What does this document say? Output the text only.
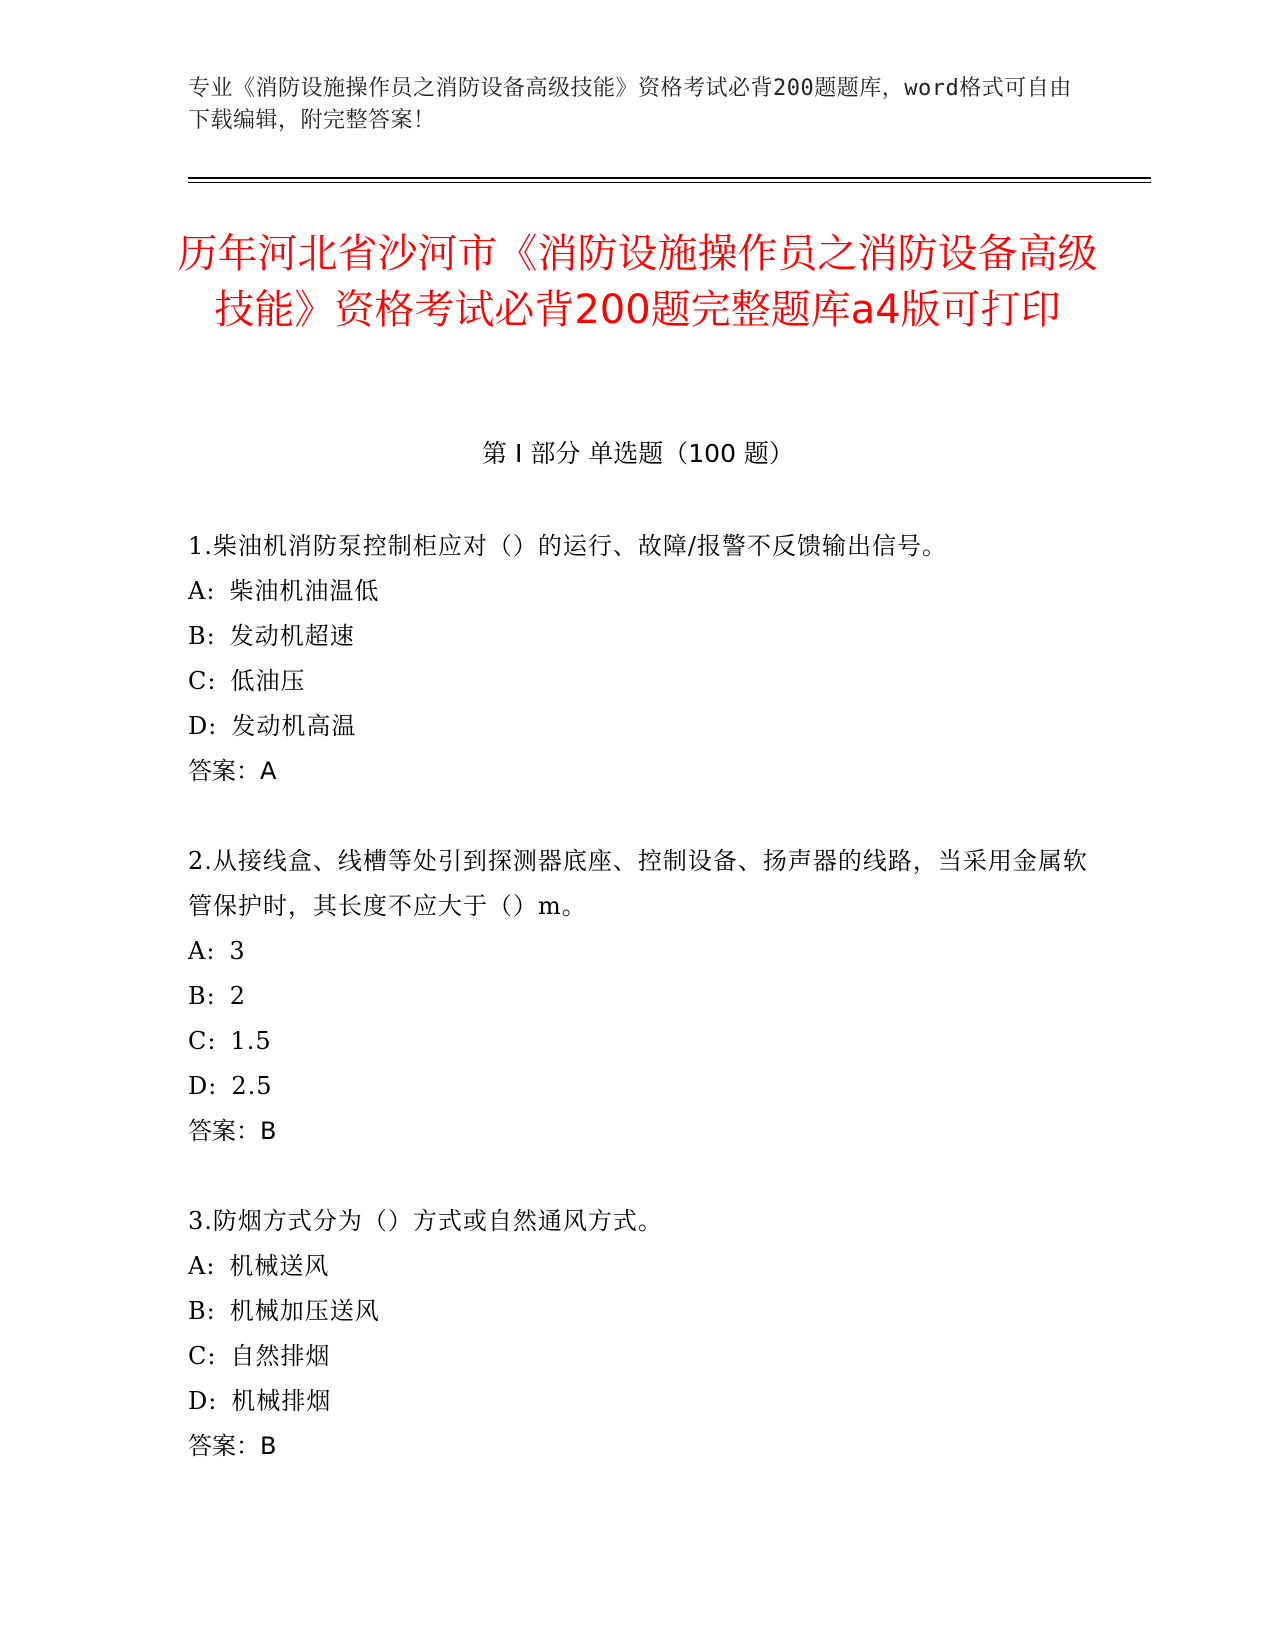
专业《消防设施操作员之消防设备高级技能》资格考试必背200题题库，word格式可自由下载编辑，附完整答案！
历年河北省沙河市《消防设施操作员之消防设备高级技能》资格考试必背200题完整题库a4版可打印
第 I 部分 单选题（100 题）
1.柴油机消防泵控制柜应对（）的运行、故障/报警不反馈输出信号。
A: 柴油机油温低
B: 发动机超速
C: 低油压
D: 发动机高温
答案：A
2.从接线盒、线槽等处引到探测器底座、控制设备、扬声器的线路，当采用金属软管保护时，其长度不应大于（）m。
A: 3
B: 2
C: 1.5
D: 2.5
答案：B
3.防烟方式分为（）方式或自然通风方式。
A: 机械送风
B: 机械加压送风
C: 自然排烟
D: 机械排烟
答案：B
